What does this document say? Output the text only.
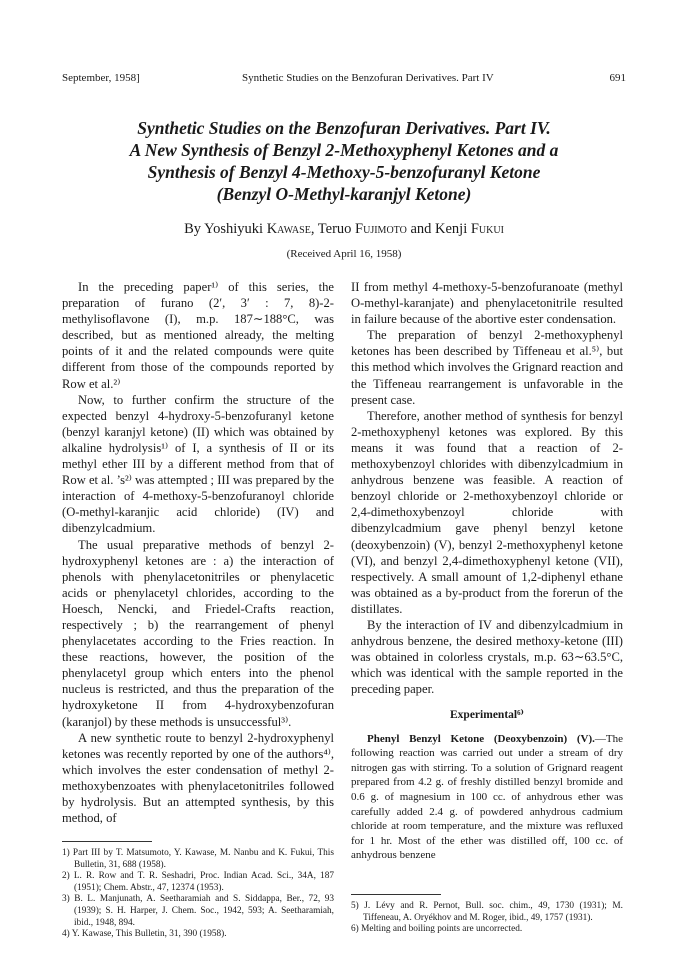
September, 1958]	Synthetic Studies on the Benzofuran Derivatives. Part IV	691
Synthetic Studies on the Benzofuran Derivatives. Part IV.
A New Synthesis of Benzyl 2-Methoxyphenyl Ketones and a
Synthesis of Benzyl 4-Methoxy-5-benzofuranyl Ketone
(Benzyl O-Methyl-karanjyl Ketone)
By Yoshiyuki Kawase, Teruo Fujimoto and Kenji Fukui
(Received April 16, 1958)

In the preceding paper¹⁾ of this series, the preparation of furano (2′, 3′ : 7, 8)-2-methylisoflavone (I), m.p. 187∼188°C, was described, but as mentioned already, the melting points of it and the related compounds were quite different from those of the compounds reported by Row et al.²⁾

Now, to further confirm the structure of the expected benzyl 4-hydroxy-5-benzofuranyl ketone (benzyl karanjyl ketone) (II) which was obtained by alkaline hydrolysis¹⁾ of I, a synthesis of II or its methyl ether III by a different method from that of Row et al. ’s²⁾ was attempted ; III was prepared by the interaction of 4-methoxy-5-benzofuranoyl chloride (O-methyl-karanjic acid chloride) (IV) and dibenzylcadmium.

The usual preparative methods of benzyl 2-hydroxyphenyl ketones are : a) the interaction of phenols with phenylacetonitriles or phenylacetic acids or phenylacetyl chlorides, according to the Hoesch, Nencki, and Friedel-Crafts reaction, respectively ; b) the rearrangement of phenyl phenylacetates according to the Fries reaction. In these reactions, however, the position of the phenylacetyl group which enters into the phenol nucleus is restricted, and thus the preparation of the hydroxyketone II from 4-hydroxybenzofuran (karanjol) by these methods is unsuccessful³⁾.

A new synthetic route to benzyl 2-hydroxyphenyl ketones was recently reported by one of the authors⁴⁾, which involves the ester condensation of methyl 2-methoxybenzoates with phenylacetonitriles followed by hydrolysis. But an attempted synthesis, by this method, of

1) Part III by T. Matsumoto, Y. Kawase, M. Nanbu and K. Fukui, This Bulletin, 31, 688 (1958).

2) L. R. Row and T. R. Seshadri, Proc. Indian Acad. Sci., 34A, 187 (1951); Chem. Abstr., 47, 12374 (1953).

3) B. L. Manjunath, A. Seetharamiah and S. Siddappa, Ber., 72, 93 (1939); S. H. Harper, J. Chem. Soc., 1942, 593; A. Seetharamiah, ibid., 1948, 894.

4) Y. Kawase, This Bulletin, 31, 390 (1958).

II from methyl 4-methoxy-5-benzofuranoate (methyl O-methyl-karanjate) and phenylacetonitrile resulted in failure because of the abortive ester condensation.

The preparation of benzyl 2-methoxyphenyl ketones has been described by Tiffeneau et al.⁵⁾, but this method which involves the Grignard reaction and the Tiffeneau rearrangement is unfavorable in the present case.

Therefore, another method of synthesis for benzyl 2-methoxyphenyl ketones was explored. By this means it was found that a reaction of 2-methoxybenzoyl chlorides with dibenzylcadmium in anhydrous benzene was feasible. A reaction of benzoyl chloride or 2-methoxybenzoyl chloride or 2,4-dimethoxybenzoyl chloride with dibenzylcadmium gave phenyl benzyl ketone (deoxybenzoin) (V), benzyl 2-methoxyphenyl ketone (VI), and benzyl 2,4-dimethoxyphenyl ketone (VII), respectively. A small amount of 1,2-diphenyl ethane was obtained as a by-product from the forerun of the distillates.

By the interaction of IV and dibenzylcadmium in anhydrous benzene, the desired methoxy-ketone (III) was obtained in colorless crystals, m.p. 63∼63.5°C, which was identical with the sample reported in the preceding paper.

Experimental⁶⁾

Phenyl Benzyl Ketone (Deoxybenzoin) (V).—The following reaction was carried out under a stream of dry nitrogen gas with stirring. To a solution of Grignard reagent prepared from 4.2 g. of freshly distilled benzyl bromide and 0.6 g. of magnesium in 100 cc. of anhydrous ether was carefully added 2.4 g. of powdered anhydrous cadmium chloride at room temperature, and the mixture was refluxed for 1 hr. Most of the ether was distilled off, 100 cc. of anhydrous benzene

5) J. Lévy and R. Pernot, Bull. soc. chim., 49, 1730 (1931); M. Tiffeneau, A. Oryékhov and M. Roger, ibid., 49, 1757 (1931).

6) Melting and boiling points are uncorrected.
